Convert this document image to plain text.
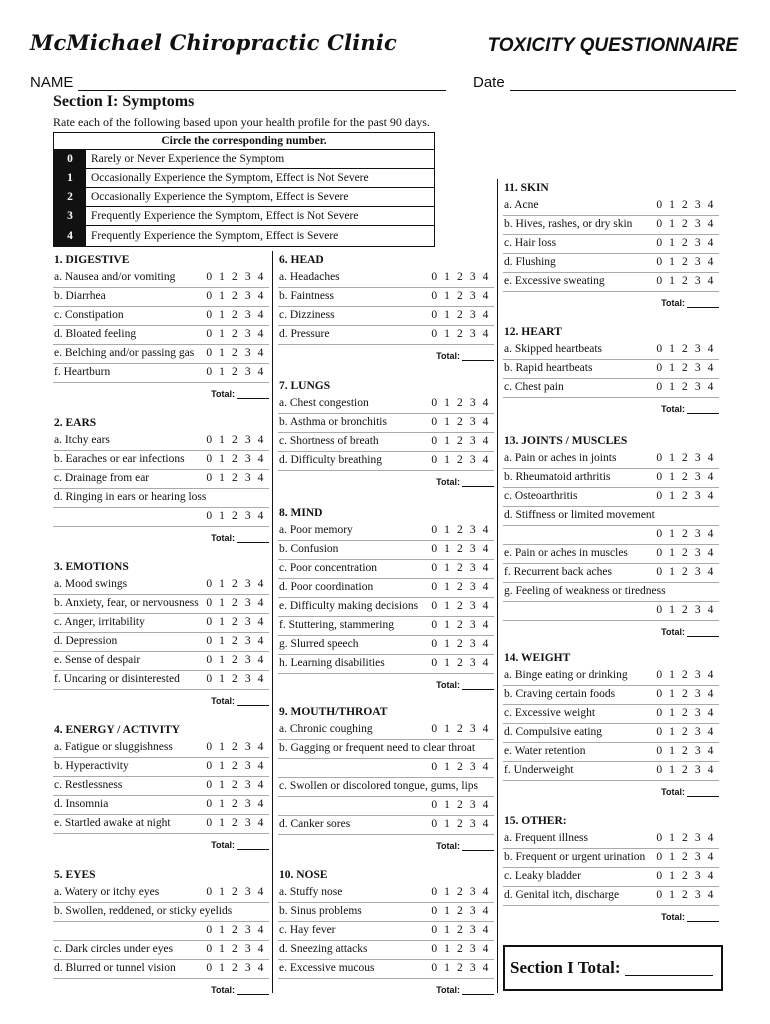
McMichael Chiropractic Clinic	TOXICITY QUESTIONNAIRE
NAME	Date
Section I: Symptoms
Rate each of the following based upon your health profile for the past 90 days.
Circle the corresponding number.
0	Rarely or Never Experience the Symptom
1	Occasionally Experience the Symptom, Effect is Not Severe
2	Occasionally Experience the Symptom, Effect is Severe
3	Frequently Experience the Symptom, Effect is Not Severe
4	Frequently Experience the Symptom, Effect is Severe
1. DIGESTIVE
a. Nausea and/or vomiting	0 1 2 3 4
b. Diarrhea	0 1 2 3 4
c. Constipation	0 1 2 3 4
d. Bloated feeling	0 1 2 3 4
e. Belching and/or passing gas 0 1 2 3 4
f. Heartburn	0 1 2 3 4
Total:
2. EARS
a. Itchy ears	0 1 2 3 4
b. Earaches or ear infections 0 1 2 3 4
c. Drainage from ear	0 1 2 3 4
d. Ringing in ears or hearing loss
0 1 2 3 4
Total:
3. EMOTIONS
a. Mood swings	0 1 2 3 4
b. Anxiety, fear, or nervousness 0 1 2 3 4
c. Anger, irritability	0 1 2 3 4
d. Depression	0 1 2 3 4
e. Sense of despair	0 1 2 3 4
f. Uncaring or disinterested 0 1 2 3 4
Total:
4. ENERGY / ACTIVITY
a. Fatigue or sluggishness	0 1 2 3 4
b. Hyperactivity	0 1 2 3 4
c. Restlessness	0 1 2 3 4
d. Insomnia	0 1 2 3 4
e. Startled awake at night	0 1 2 3 4
Total:
5. EYES
a. Watery or itchy eyes	0 1 2 3 4
b. Swollen, reddened, or sticky eyelids
0 1 2 3 4
c. Dark circles under eyes	0 1 2 3 4
d. Blurred or tunnel vision	0 1 2 3 4
Total:
6. HEAD
a. Headaches	0 1 2 3 4
b. Faintness	0 1 2 3 4
c. Dizziness	0 1 2 3 4
d. Pressure	0 1 2 3 4
Total:
7. LUNGS
a. Chest congestion	0 1 2 3 4
b. Asthma or bronchitis	0 1 2 3 4
c. Shortness of breath	0 1 2 3 4
d. Difficulty breathing	0 1 2 3 4
Total:
8. MIND
a. Poor memory	0 1 2 3 4
b. Confusion	0 1 2 3 4
c. Poor concentration	0 1 2 3 4
d. Poor coordination	0 1 2 3 4
e. Difficulty making decisions 0 1 2 3 4
f. Stuttering, stammering	0 1 2 3 4
g. Slurred speech	0 1 2 3 4
h. Learning disabilities	0 1 2 3 4
Total:
9. MOUTH/THROAT
a. Chronic coughing	0 1 2 3 4
b. Gagging or frequent need to clear throat
0 1 2 3 4
c. Swollen or discolored tongue, gums, lips
0 1 2 3 4
d. Canker sores	0 1 2 3 4
Total:
10. NOSE
a. Stuffy nose	0 1 2 3 4
b. Sinus problems	0 1 2 3 4
c. Hay fever	0 1 2 3 4
d. Sneezing attacks	0 1 2 3 4
e. Excessive mucous	0 1 2 3 4
Total:
11. SKIN
a. Acne	0 1 2 3 4
b. Hives, rashes, or dry skin 0 1 2 3 4
c. Hair loss	0 1 2 3 4
d. Flushing	0 1 2 3 4
e. Excessive sweating	0 1 2 3 4
Total:
12. HEART
a. Skipped heartbeats	0 1 2 3 4
b. Rapid heartbeats	0 1 2 3 4
c. Chest pain	0 1 2 3 4
Total:
13. JOINTS / MUSCLES
a. Pain or aches in joints	0 1 2 3 4
b. Rheumatoid arthritis	0 1 2 3 4
c. Osteoarthritis	0 1 2 3 4
d. Stiffness or limited movement
0 1 2 3 4
e. Pain or aches in muscles 0 1 2 3 4
f. Recurrent back aches	0 1 2 3 4
g. Feeling of weakness or tiredness
0 1 2 3 4
Total:
14. WEIGHT
a. Binge eating or drinking 0 1 2 3 4
b. Craving certain foods	0 1 2 3 4
c. Excessive weight	0 1 2 3 4
d. Compulsive eating	0 1 2 3 4
e. Water retention	0 1 2 3 4
f. Underweight	0 1 2 3 4
Total:
15. OTHER:
a. Frequent illness	0 1 2 3 4
b. Frequent or urgent urination 0 1 2 3 4
c. Leaky bladder	0 1 2 3 4
d. Genital itch, discharge	0 1 2 3 4
Total:
Section I Total:
